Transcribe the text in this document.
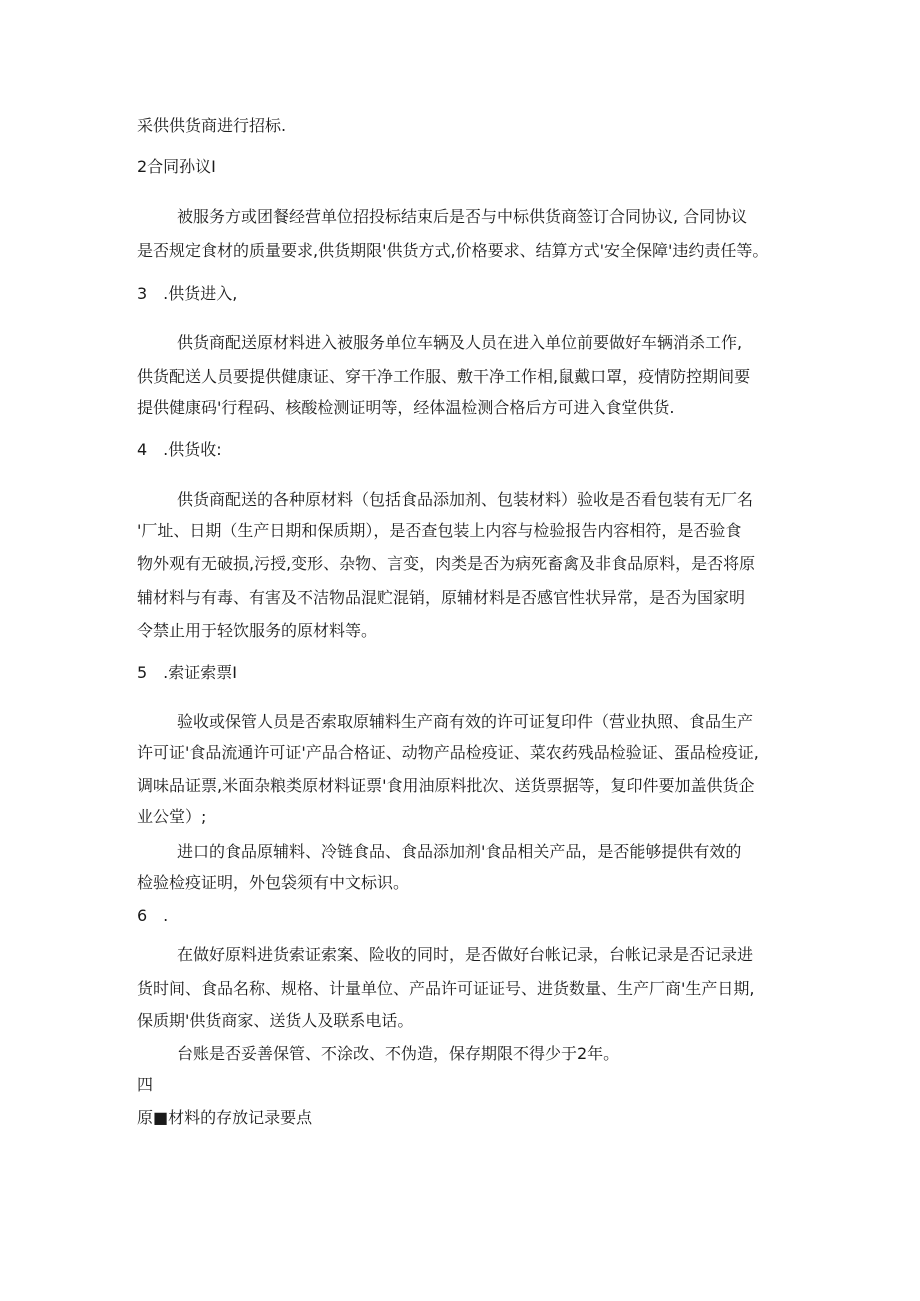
采供供货商进行招标.
2合同孙议I
被服务方或团餐经营单位招投标结束后是否与中标供货商签订合同协议, 合同协议
是否规定食材的质量要求,供货期限'供货方式,价格要求、结算方式'安全保障'违约责任等。
3　.供货进入,
供货商配送原材料进入被服务单位车辆及人员在进入单位前要做好车辆消杀工作,
供货配送人员要提供健康证、穿干净工作服、敷干净工作相,鼠戴口罩，疫情防控期间要
提供健康码'行程码、核酸检测证明等，经体温检测合格后方可进入食堂供货.
4　.供货收:
供货商配送的各种原材料（包括食品添加剂、包装材料）验收是否看包装有无厂名
'厂址、日期（生产日期和保质期），是否查包装上内容与检验报告内容相符，是否验食
物外观有无破损,污授,变形、杂物、言变，肉类是否为病死畜禽及非食品原料，是否将原
辅材料与有毒、有害及不洁物品混贮混销，原辅材料是否感官性状异常，是否为国家明
令禁止用于轻饮服务的原材料等。
5　.索证索票I
验收或保管人员是否索取原辅料生产商有效的许可证复印件（营业执照、食品生产
许可证'食品流通许可证'产品合格证、动物产品检疫证、菜农药残品检验证、蛋品检疫证,
调味品证票,米面杂粮类原材料证票'食用油原料批次、送货票据等，复印件要加盖供货企
业公堂）;
进口的食品原辅料、冷链食品、食品添加剂'食品相关产品，是否能够提供有效的
检验检疫证明，外包袋须有中文标识。
6　.
在做好原料进货索证索案、险收的同时，是否做好台帐记录，台帐记录是否记录进
货时间、食品名称、规格、计量单位、产品许可证证号、进货数量、生产厂商'生产日期,
保质期'供货商家、送货人及联系电话。
台账是否妥善保管、不涂改、不伪造，保存期限不得少于2年。
四
原■材料的存放记录要点
